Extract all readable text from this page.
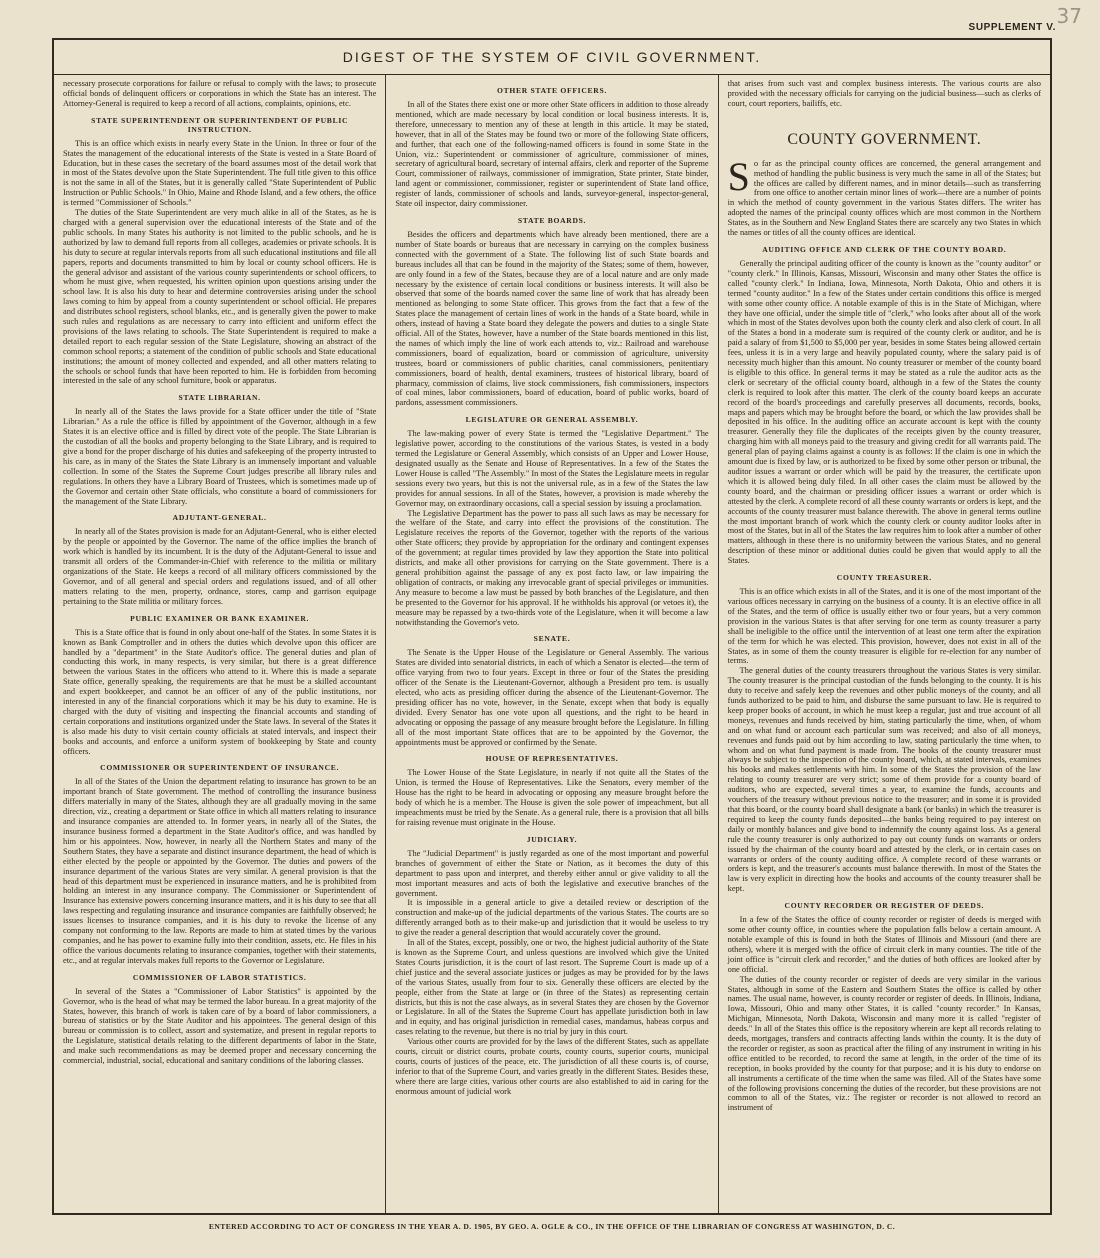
37
SUPPLEMENT V.
DIGEST OF THE SYSTEM OF CIVIL GOVERNMENT.

necessary prosecute corporations for failure or refusal to comply with the laws; to prosecute official bonds of delinquent officers or corporations in which the State has an interest. The Attorney-General is required to keep a record of all actions, complaints, opinions, etc.

STATE SUPERINTENDENT OR SUPERINTENDENT OF PUBLIC INSTRUCTION.

This is an office which exists in nearly every State in the Union. In three or four of the States the management of the educational interests of the State is vested in a State Board of Education, but in these cases the secretary of the board assumes most of the detail work that in most of the States devolve upon the State Superintendent. The full title given to this office is not the same in all of the States, but it is generally called "State Superintendent of Public Instruction or Public Schools." In Ohio, Maine and Rhode Island, and a few others, the office is termed "Commissioner of Schools."

The duties of the State Superintendent are very much alike in all of the States, as he is charged with a general supervision over the educational interests of the State and of the public schools. In many States his authority is not limited to the public schools, and he is authorized by law to demand full reports from all colleges, academies or private schools. It is his duty to secure at regular intervals reports from all such educational institutions and file all papers, reports and documents transmitted to him by local or county school officers. He is the general advisor and assistant of the various county superintendents or school officers, to whom he must give, when requested, his written opinion upon questions arising under the school law. It is also his duty to hear and determine controversies arising under the school laws coming to him by appeal from a county superintendent or school official. He prepares and distributes school registers, school blanks, etc., and is generally given the power to make such rules and regulations as are necessary to carry into efficient and uniform effect the provisions of the laws relating to schools. The State Superintendent is required to make a detailed report to each regular session of the State Legislature, showing an abstract of the common school reports; a statement of the condition of public schools and State educational institutions; the amount of money collected and expended, and all other matters relating to the schools or school funds that have been reported to him. He is forbidden from becoming interested in the sale of any school furniture, book or apparatus.

STATE LIBRARIAN.

In nearly all of the States the laws provide for a State officer under the title of "State Librarian." As a rule the office is filled by appointment of the Governor, although in a few States it is an elective office and is filled by direct vote of the people. The State Librarian is the custodian of all the books and property belonging to the State Library, and is required to give a bond for the proper discharge of his duties and safekeeping of the property intrusted to his care, as in many of the States the State Library is an immensely important and valuable collection. In some of the States the Supreme Court judges prescribe all library rules and regulations. In others they have a Library Board of Trustees, which is sometimes made up of the Governor and certain other State officials, who constitute a board of commissioners for the management of the State Library.

ADJUTANT-GENERAL.

In nearly all of the States provision is made for an Adjutant-General, who is either elected by the people or appointed by the Governor. The name of the office implies the branch of work which is handled by its incumbent. It is the duty of the Adjutant-General to issue and transmit all orders of the Commander-in-Chief with reference to the militia or military organizations of the State. He keeps a record of all military officers commissioned by the Governor, and of all general and special orders and regulations issued, and of all other matters relating to the men, property, ordnance, stores, camp and garrison equipage pertaining to the State militia or military forces.

PUBLIC EXAMINER OR BANK EXAMINER.

This is a State office that is found in only about one-half of the States. In some States it is known as Bank Comptroller and in others the duties which devolve upon this officer are handled by a "department" in the State Auditor's office. The general duties and plan of conducting this work, in many respects, is very similar, but there is a great difference between the various States in the officers who attend to it. Where this is made a separate State office, generally speaking, the requirements are that he must be a skilled accountant and expert bookkeeper, and cannot be an officer of any of the public institutions, nor interested in any of the financial corporations which it may be his duty to examine. He is charged with the duty of visiting and inspecting the financial accounts and standing of certain corporations and institutions organized under the State laws. In several of the States it is also made his duty to visit certain county officials at stated intervals, and inspect their books and accounts, and enforce a uniform system of bookkeeping by State and county officers.

COMMISSIONER OR SUPERINTENDENT OF INSURANCE.

In all of the States of the Union the department relating to insurance has grown to be an important branch of State government. The method of controlling the insurance business differs materially in many of the States, although they are all gradually moving in the same direction, viz., creating a department or State office in which all matters relating to insurance and insurance companies are attended to. In former years, in nearly all of the States, the insurance business formed a department in the State Auditor's office, and was handled by him or his appointees. Now, however, in nearly all the Northern States and many of the Southern States, they have a separate and distinct insurance department, the head of which is either elected by the people or appointed by the Governor. The duties and powers of the insurance department of the various States are very similar. A general provision is that the head of this department must be experienced in insurance matters, and he is prohibited from holding an interest in any insurance company. The Commissioner or Superintendent of Insurance has extensive powers concerning insurance matters, and it is his duty to see that all laws respecting and regulating insurance and insurance companies are faithfully observed; he issues licenses to insurance companies, and it is his duty to revoke the license of any company not conforming to the law. Reports are made to him at stated times by the various companies, and he has power to examine fully into their condition, assets, etc. He files in his office the various documents relating to insurance companies, together with their statements, etc., and at regular intervals makes full reports to the Governor or Legislature.

COMMISSIONER OF LABOR STATISTICS.

In several of the States a "Commissioner of Labor Statistics" is appointed by the Governor, who is the head of what may be termed the labor bureau. In a great majority of the States, however, this branch of work is taken care of by a board of labor commissioners, a bureau of statistics or by the State Auditor and his appointees. The general design of this bureau or commission is to collect, assort and systematize, and present in regular reports to the Legislature, statistical details relating to the different departments of labor in the State, and make such recommendations as may be deemed proper and necessary concerning the commercial, industrial, social, educational and sanitary conditions of the laboring classes.

OTHER STATE OFFICERS.

In all of the States there exist one or more other State officers in addition to those already mentioned, which are made necessary by local condition or local business interests. It is, therefore, unnecessary to mention any of these at length in this article. It may be stated, however, that in all of the States may be found two or more of the following State officers, and further, that each one of the following-named officers is found in some State in the Union, viz.: Superintendent or commissioner of agriculture, commissioner of mines, secretary of agricultural board, secretary of internal affairs, clerk and reporter of the Supreme Court, commissioner of railways, commissioner of immigration, State printer, State binder, land agent or commissioner, commissioner, register or superintendent of State land office, register of lands, commissioner of schools and lands, surveyor-general, inspector-general, State oil inspector, dairy commissioner.

STATE BOARDS.

Besides the officers and departments which have already been mentioned, there are a number of State boards or bureaus that are necessary in carrying on the complex business connected with the government of a State. The following list of such State boards and bureaus includes all that can be found in the majority of the States; some of them, however, are only found in a few of the States, because they are of a local nature and are only made necessary by the existence of certain local conditions or business interests. It will also be observed that some of the boards named cover the same line of work that has already been mentioned as belonging to some State officer. This grows from the fact that a few of the States place the management of certain lines of work in the hands of a State board, while in others, instead of having a State board they delegate the powers and duties to a single State official. All of the States, however, have a number of the State boards mentioned in this list, the names of which imply the line of work each attends to, viz.: Railroad and warehouse commissioners, board of equalization, board or commission of agriculture, university trustees, board or commissioners of public charities, canal commissioners, penitentiary commissioners, board of health, dental examiners, trustees of historical library, board of pharmacy, commission of claims, live stock commissioners, fish commissioners, inspectors of coal mines, labor commissioners, board of education, board of public works, board of pardons, assessment commissioners.

LEGISLATURE OR GENERAL ASSEMBLY.

The law-making power of every State is termed the "Legislative Department." The legislative power, according to the constitutions of the various States, is vested in a body termed the Legislature or General Assembly, which consists of an Upper and Lower House, designated usually as the Senate and House of Representatives. In a few of the States the Lower House is called "The Assembly." In most of the States the Legislature meets in regular sessions every two years, but this is not the universal rule, as in a few of the States the law provides for annual sessions. In all of the States, however, a provision is made whereby the Governor may, on extraordinary occasions, call a special session by issuing a proclamation.

The Legislative Department has the power to pass all such laws as may be necessary for the welfare of the State, and carry into effect the provisions of the constitution. The Legislature receives the reports of the Governor, together with the reports of the various other State officers; they provide by appropriation for the ordinary and contingent expenses of the government; at regular times provided by law they apportion the State into political districts, and make all other provisions for carrying on the State government. There is a general prohibition against the passage of any ex post facto law, or law impairing the obligation of contracts, or making any irrevocable grant of special privileges or immunities. Any measure to become a law must be passed by both branches of the Legislature, and then be presented to the Governor for his approval. If he withholds his approval (or vetoes it), the measure may be repassed by a two-thirds vote of the Legislature, when it will become a law notwithstanding the Governor's veto.

SENATE.

The Senate is the Upper House of the Legislature or General Assembly. The various States are divided into senatorial districts, in each of which a Senator is elected—the term of office varying from two to four years. Except in three or four of the States the presiding officer of the Senate is the Lieutenant-Governor, although a President pro tem. is usually elected, who acts as presiding officer during the absence of the Lieutenant-Governor. The presiding officer has no vote, however, in the Senate, except when that body is equally divided. Every Senator has one vote upon all questions, and the right to be heard in advocating or opposing the passage of any measure brought before the Legislature. In filling all of the most important State offices that are to be appointed by the Governor, the appointments must be approved or confirmed by the Senate.

HOUSE OF REPRESENTATIVES.

The Lower House of the State Legislature, in nearly if not quite all the States of the Union, is termed the House of Representatives. Like the Senators, every member of the House has the right to be heard in advocating or opposing any measure brought before the body of which he is a member. The House is given the sole power of impeachment, but all impeachments must be tried by the Senate. As a general rule, there is a provision that all bills for raising revenue must originate in the House.

JUDICIARY.

The "Judicial Department" is justly regarded as one of the most important and powerful branches of government of either the State or Nation, as it becomes the duty of this department to pass upon and interpret, and thereby either annul or give validity to all the most important measures and acts of both the legislative and executive branches of the government.

It is impossible in a general article to give a detailed review or description of the construction and make-up of the judicial departments of the various States. The courts are so differently arranged both as to their make-up and jurisdiction that it would be useless to try to give the reader a general description that would accurately cover the ground.

In all of the States, except, possibly, one or two, the highest judicial authority of the State is known as the Supreme Court, and unless questions are involved which give the United States Courts jurisdiction, it is the court of last resort. The Supreme Court is made up of a chief justice and the several associate justices or judges as may be provided for by the laws of the various States, usually from four to six. Generally these officers are elected by the people, either from the State at large or (in three of the States) as representing certain districts, but this is not the case always, as in several States they are chosen by the Governor or Legislature. In all of the States the Supreme Court has appellate jurisdiction both in law and in equity, and has original jurisdiction in remedial cases, mandamus, habeas corpus and cases relating to the revenue, but there is no trial by jury in this court.

Various other courts are provided for by the laws of the different States, such as appellate courts, circuit or district courts, probate courts, county courts, superior courts, municipal courts, courts of justices of the peace, etc. The jurisdiction of all these courts is, of course, inferior to that of the Supreme Court, and varies greatly in the different States. Besides these, where there are large cities, various other courts are also established to aid in caring for the enormous amount of judicial work

that arises from such vast and complex business interests. The various courts are also provided with the necessary officials for carrying on the judicial business—such as clerks of court, court reporters, bailiffs, etc.

COUNTY GOVERNMENT.

So far as the principal county offices are concerned, the general arrangement and method of handling the public business is very much the same in all of the States; but the offices are called by different names, and in minor details—such as transferring from one office to another certain minor lines of work—there are a number of points in which the method of county government in the various States differs. The writer has adopted the names of the principal county offices which are most common in the Northern States, as in the Southern and New England States there are scarcely any two States in which the names or titles of all the county offices are identical.

AUDITING OFFICE AND CLERK OF THE COUNTY BOARD.

Generally the principal auditing officer of the county is known as the "county auditor" or "county clerk." In Illinois, Kansas, Missouri, Wisconsin and many other States the office is called "county clerk." In Indiana, Iowa, Minnesota, North Dakota, Ohio and others it is termed "county auditor." In a few of the States under certain conditions this office is merged with some other county office. A notable example of this is in the State of Michigan, where they have one official, under the simple title of "clerk," who looks after about all of the work which in most of the States devolves upon both the county clerk and also clerk of court. In all of the States a bond in a moderate sum is required of the county clerk or auditor, and he is paid a salary of from $1,500 to $5,000 per year, besides in some States being allowed certain fees, unless it is in a very large and heavily populated county, where the salary paid is of necessity much higher than this amount. No county treasurer or member of the county board is eligible to this office. In general terms it may be stated as a rule the auditor acts as the clerk or secretary of the official county board, although in a few of the States the county clerk is required to look after this matter. The clerk of the county board keeps an accurate record of the board's proceedings and carefully preserves all documents, records, books, maps and papers which may be brought before the board, or which the law provides shall be deposited in his office. In the auditing office an accurate account is kept with the county treasurer. Generally they file the duplicates of the receipts given by the county treasurer, charging him with all moneys paid to the treasury and giving credit for all warrants paid. The general plan of paying claims against a county is as follows: If the claim is one in which the amount due is fixed by law, or is authorized to be fixed by some other person or tribunal, the auditor issues a warrant or order which will be paid by the treasurer, the certificate upon which it is allowed being duly filed. In all other cases the claim must be allowed by the county board, and the chairman or presiding officer issues a warrant or order which is attested by the clerk. A complete record of all these county warrants or orders is kept, and the accounts of the county treasurer must balance therewith. The above in general terms outline the most important branch of work which the county clerk or county auditor looks after in most of the States, but in all of the States the law requires him to look after a number of other matters, although in these there is no uniformity between the various States, and no general description of these minor or additional duties could be given that would apply to all the States.

COUNTY TREASURER.

This is an office which exists in all of the States, and it is one of the most important of the various offices necessary in carrying on the business of a county. It is an elective office in all of the States, and the term of office is usually either two or four years, but a very common provision in the various States is that after serving for one term as county treasurer a party shall be ineligible to the office until the intervention of at least one term after the expiration of the term for which he was elected. This provision, however, does not exist in all of the States, as in some of them the county treasurer is eligible for re-election for any number of terms.

The general duties of the county treasurers throughout the various States is very similar. The county treasurer is the principal custodian of the funds belonging to the county. It is his duty to receive and safely keep the revenues and other public moneys of the county, and all funds authorized to be paid to him, and disburse the same pursuant to law. He is required to keep proper books of account, in which he must keep a regular, just and true account of all moneys, revenues and funds received by him, stating particularly the time, when, of whom and on what fund or account each particular sum was received; and also of all moneys, revenues and funds paid out by him according to law, stating particularly the time when, to whom and on what fund payment is made from. The books of the county treasurer must always be subject to the inspection of the county board, which, at stated intervals, examines his books and makes settlements with him. In some of the States the provision of the law relating to county treasurer are very strict; some of them provide for a county board of auditors, who are expected, several times a year, to examine the funds, accounts and vouchers of the treasury without previous notice to the treasurer; and in some it is provided that this board, or the county board shall designate a bank (or banks) in which the treasurer is required to keep the county funds deposited—the banks being required to pay interest on daily or monthly balances and give bond to indemnify the county against loss. As a general rule the county treasurer is only authorized to pay out county funds on warrants or orders issued by the chairman of the county board and attested by the clerk, or in certain cases on warrants or orders of the county auditing office. A complete record of these warrants or orders is kept, and the treasurer's accounts must balance therewith. In most of the States the law is very explicit in directing how the books and accounts of the county treasurer shall be kept.

COUNTY RECORDER OR REGISTER OF DEEDS.

In a few of the States the office of county recorder or register of deeds is merged with some other county office, in counties where the population falls below a certain amount. A notable example of this is found in both the States of Illinois and Missouri (and there are others), where it is merged with the office of circuit clerk in many counties. The title of the joint office is "circuit clerk and recorder," and the duties of both offices are looked after by one official.

The duties of the county recorder or register of deeds are very similar in the various States, although in some of the Eastern and Southern States the office is called by other names. The usual name, however, is county recorder or register of deeds. In Illinois, Indiana, Iowa, Missouri, Ohio and many other States, it is called "county recorder." In Kansas, Michigan, Minnesota, North Dakota, Wisconsin and many more it is called "register of deeds." In all of the States this office is the repository wherein are kept all records relating to deeds, mortgages, transfers and contracts affecting lands within the county. It is the duty of the recorder or register, as soon as practical after the filing of any instrument in writing in his office entitled to be recorded, to record the same at length, in the order of the time of its reception, in books provided by the county for that purpose; and it is his duty to endorse on all instruments a certificate of the time when the same was filed. All of the States have some of the following provisions concerning the duties of the recorder, but these provisions are not common to all of the States, viz.: The register or recorder is not allowed to record an instrument of

ENTERED ACCORDING TO ACT OF CONGRESS IN THE YEAR A. D. 1905, BY GEO. A. OGLE & CO., IN THE OFFICE OF THE LIBRARIAN OF CONGRESS AT WASHINGTON, D. C.
